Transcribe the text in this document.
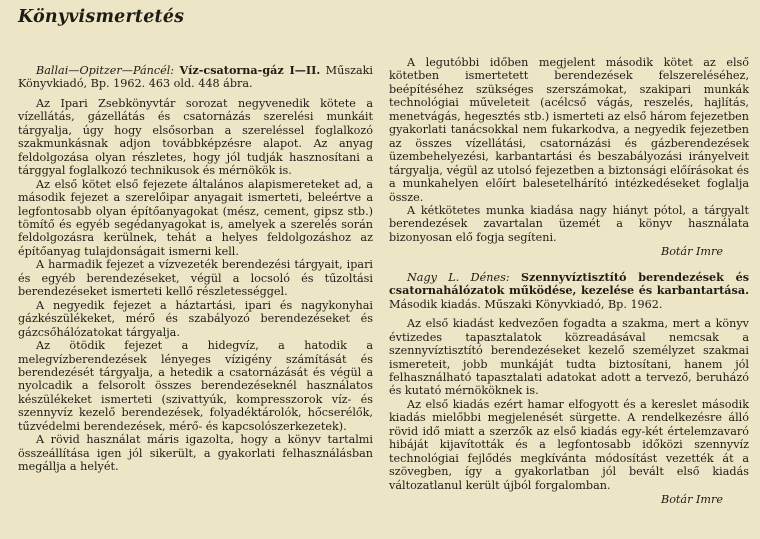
Könyvismertetés

Ballai—Opitzer—Páncél: Víz-csatorna-gáz I—II. Műszaki Könyvkiadó, Bp. 1962. 463 old. 448 ábra.

Az Ipari Zsebkönyvtár sorozat negyvenedik kötete a vízellátás, gázellátás és csatornázás szerelési munkáit tárgyalja, úgy hogy elsősorban a szereléssel foglalkozó szakmunkásnak adjon továbbképzésre alapot. Az anyag feldolgozása olyan részletes, hogy jól tudják hasznosítani a tárggyal foglalkozó technikusok és mérnökök is.

Az első kötet első fejezete általános alapismereteket ad, a második fejezet a szerelőipar anyagait ismerteti, beleértve a legfontosabb olyan építőanyagokat (mész, cement, gipsz stb.) tömítő és egyéb segédanyagokat is, amelyek a szerelés során feldolgozásra kerülnek, tehát a helyes feldolgozáshoz az építőanyag tulajdonságait ismerni kell.

A harmadik fejezet a vízvezeték berendezési tárgyait, ipari és egyéb berendezéseket, végül a locsoló és tűzoltási berendezéseket ismerteti kellő részletességgel.

A negyedik fejezet a háztartási, ipari és nagykonyhai gázkészülékeket, mérő és szabályozó berendezéseket és gázcsőhálózatokat tárgyalja.

Az ötödik fejezet a hidegvíz, a hatodik a melegvízberendezések lényeges vízigény számítását és berendezését tárgyalja, a hetedik a csatornázását és végül a nyolcadik a felsorolt összes berendezéseknél használatos készülékeket ismerteti (szivattyúk, kompresszorok víz- és szennyvíz kezelő berendezések, folyadéktárolók, hőcserélők, tűzvédelmi berendezések, mérő- és kapcsolószerkezetek).

A rövid használat máris igazolta, hogy a könyv tartalmi összeállítása igen jól sikerült, a gyakorlati felhasználásban megállja a helyét.

A legutóbbi időben megjelent második kötet az első kötetben ismertetett berendezések felszereléséhez, beépítéséhez szükséges szerszámokat, szakipari munkák technológiai műveleteit (acélcső vágás, reszelés, hajlítás, menetvágás, hegesztés stb.) ismerteti az első három fejezetben gyakorlati tanácsokkal nem fukarkodva, a negyedik fejezetben az összes vízellátási, csatornázási és gázberendezések üzembehelyezési, karbantartási és beszabályozási irányelveit tárgyalja, végül az utolsó fejezetben a biztonsági előírásokat és a munkahelyen előírt balesetelhárító intézkedéseket foglalja össze.

A kétkötetes munka kiadása nagy hiányt pótol, a tárgyalt berendezések zavartalan üzemét a könyv használata bizonyosan elő fogja segíteni.

Botár Imre

Nagy L. Dénes: Szennyvíztisztító berendezések és csatornahálózatok működése, kezelése és karbantartása. Második kiadás. Műszaki Könyvkiadó, Bp. 1962.

Az első kiadást kedvezően fogadta a szakma, mert a könyv évtizedes tapasztalatok közreadásával nemcsak a szennyvíztisztító berendezéseket kezelő személyzet szakmai ismereteit, jobb munkáját tudta biztosítani, hanem jól felhasználható tapasztalati adatokat adott a tervező, beruházó és kutató mérnököknek is.

Az első kiadás ezért hamar elfogyott és a kereslet második kiadás mielőbbi megjelenését sürgette. A rendelkezésre álló rövid idő miatt a szerzők az első kiadás egy-két értelemzavaró hibáját kijavították és a legfontosabb időközi szennyvíz technológiai fejlődés megkívánta módosítást vezették át a szövegben, így a gyakorlatban jól bevált első kiadás változatlanul került újból forgalomban.

Botár Imre
